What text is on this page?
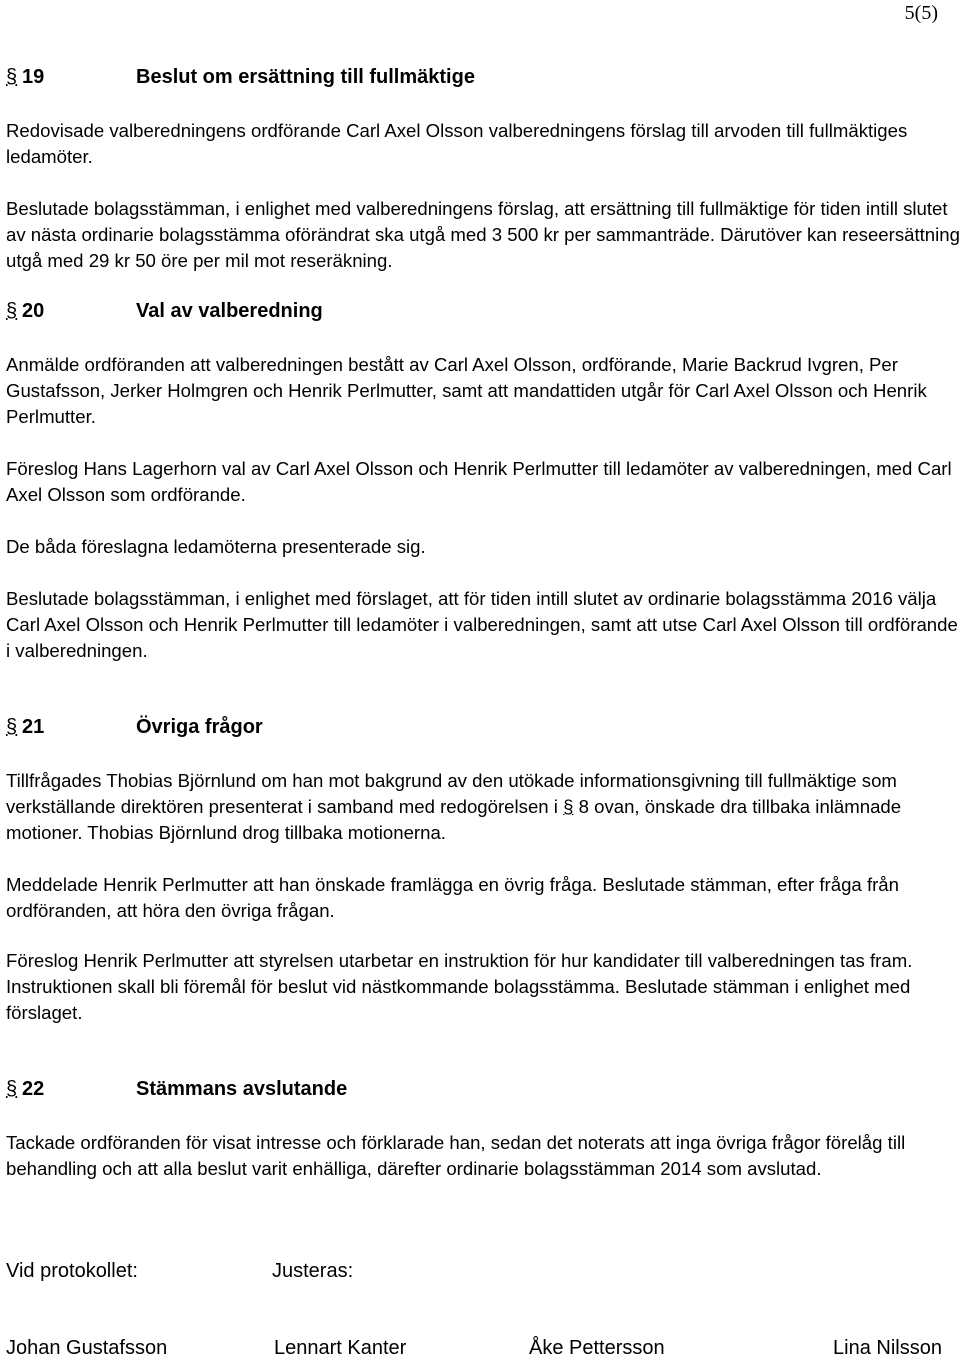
5(5)
§ 19	Beslut om ersättning till fullmäktige

Redovisade valberedningens ordförande Carl Axel Olsson valberedningens förslag till arvoden till fullmäktiges ledamöter.

Beslutade bolagsstämman, i enlighet med valberedningens förslag, att ersättning till fullmäktige för tiden intill slutet av nästa ordinarie bolagsstämma oförändrat ska utgå med 3 500 kr per sammanträde. Därutöver kan reseersättning utgå med 29 kr 50 öre per mil mot reseräkning.

§ 20	Val av valberedning

Anmälde ordföranden att valberedningen bestått av Carl Axel Olsson, ordförande, Marie Backrud Ivgren, Per Gustafsson, Jerker Holmgren och Henrik Perlmutter, samt att mandattiden utgår för Carl Axel Olsson och Henrik Perlmutter.

Föreslog Hans Lagerhorn val av Carl Axel Olsson och Henrik Perlmutter till ledamöter av valberedningen, med Carl Axel Olsson som ordförande.

De båda föreslagna ledamöterna presenterade sig.

Beslutade bolagsstämman, i enlighet med förslaget, att för tiden intill slutet av ordinarie bolagsstämma 2016 välja Carl Axel Olsson och Henrik Perlmutter till ledamöter i valberedningen, samt att utse Carl Axel Olsson till ordförande i valberedningen.

§ 21	Övriga frågor

Tillfrågades Thobias Björnlund om han mot bakgrund av den utökade informationsgivning till fullmäktige som verkställande direktören presenterat i samband med redogörelsen i § 8 ovan, önskade dra tillbaka inlämnade motioner. Thobias Björnlund drog tillbaka motionerna.

Meddelade Henrik Perlmutter att han önskade framlägga en övrig fråga. Beslutade stämman, efter fråga från ordföranden, att höra den övriga frågan.

Föreslog Henrik Perlmutter att styrelsen utarbetar en instruktion för hur kandidater till valberedningen tas fram. Instruktionen skall bli föremål för beslut vid nästkommande bolagsstämma. Beslutade stämman i enlighet med förslaget.

§ 22	Stämmans avslutande

Tackade ordföranden för visat intresse och förklarade han, sedan det noterats att inga övriga frågor förelåg till behandling och att alla beslut varit enhälliga, därefter ordinarie bolagsstämman 2014 som avslutad.

Vid protokollet:	Justeras:
Johan Gustafsson	Lennart Kanter	Åke Pettersson	Lina Nilsson
